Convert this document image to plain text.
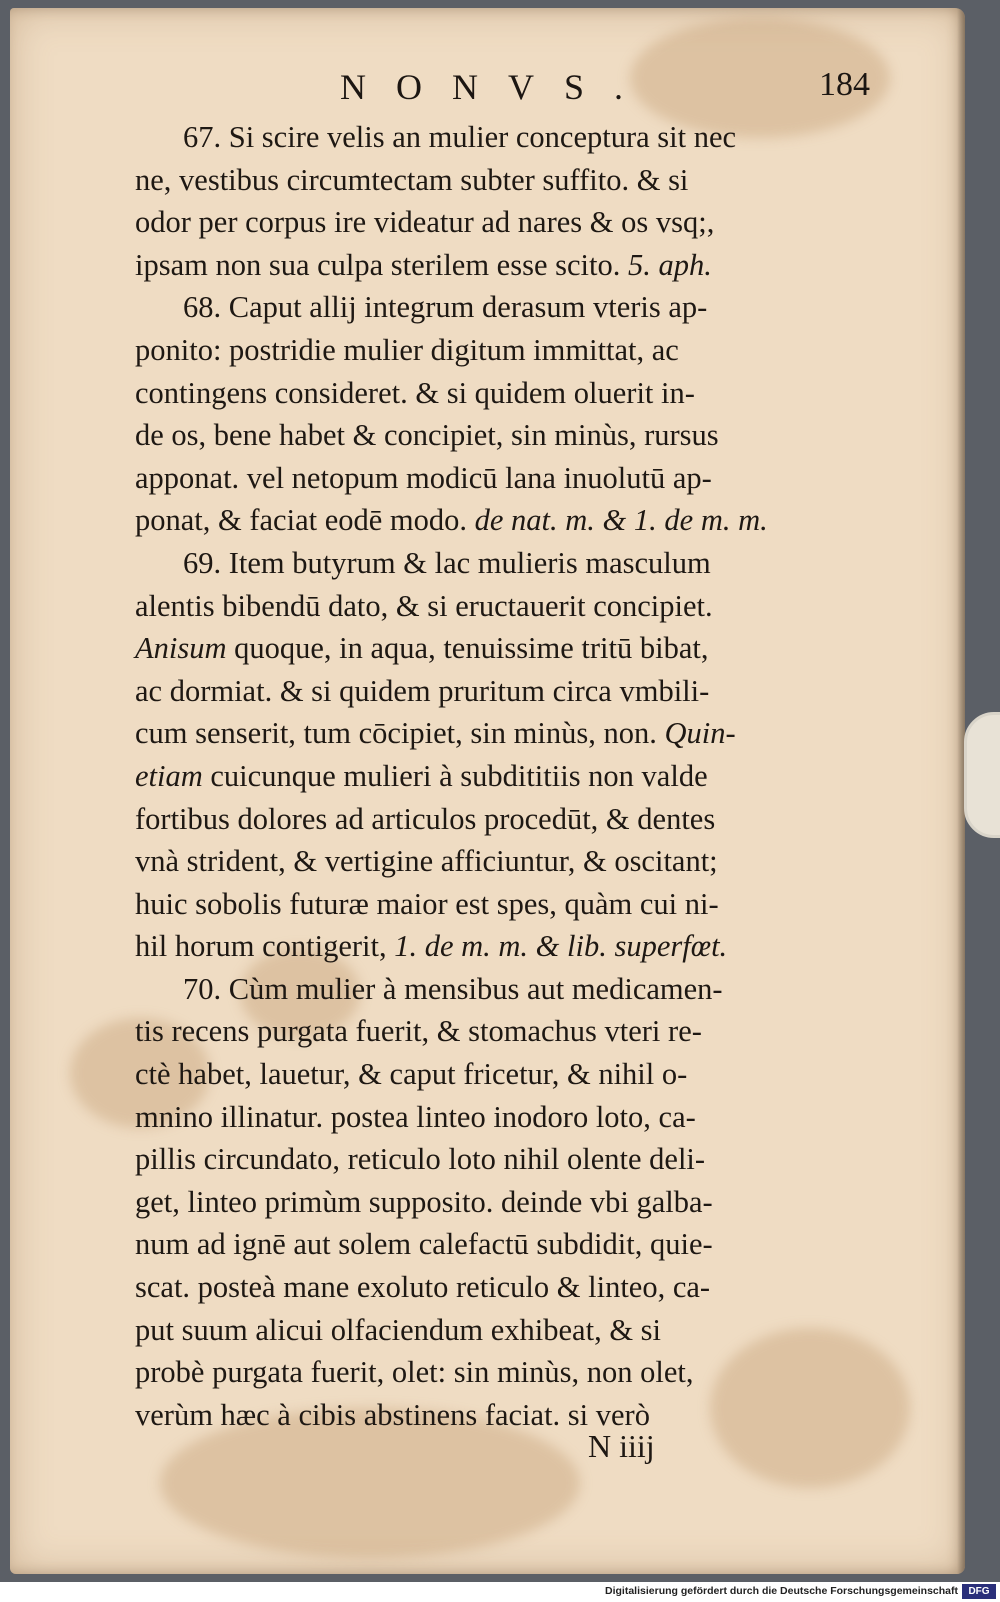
NONVS.	184
67. Si scire velis an mulier conceptura sit nec
ne, vestibus circumtectam subter suffito. & si
odor per corpus ire videatur ad nares & os vsq;,
ipsam non sua culpa sterilem esse scito. 5. aph.
68. Caput allij integrum derasum vteris ap-
ponito: postridie mulier digitum immittat, ac
contingens consideret. & si quidem oluerit in-
de os, bene habet & concipiet, sin minùs, rursus
apponat. vel netopum modicū lana inuolutū ap-
ponat, & faciat eodē modo. de nat. m. & 1. de m. m.
69. Item butyrum & lac mulieris masculum
alentis bibendū dato, & si eructauerit concipiet.
Anisum quoque, in aqua, tenuissime tritū bibat,
ac dormiat. & si quidem pruritum circa vmbili-
cum senserit, tum cōcipiet, sin minùs, non. Quin-
etiam cuicunque mulieri à subdititiis non valde
fortibus dolores ad articulos procedūt, & dentes
vnà strident, & vertigine afficiuntur, & oscitant;
huic sobolis futuræ maior est spes, quàm cui ni-
hil horum contigerit, 1. de m. m. & lib. superfœt.
70. Cùm mulier à mensibus aut medicamen-
tis recens purgata fuerit, & stomachus vteri re-
ctè habet, lauetur, & caput fricetur, & nihil o-
mnino illinatur. postea linteo inodoro loto, ca-
pillis circundato, reticulo loto nihil olente deli-
get, linteo primùm supposito. deinde vbi galba-
num ad ignē aut solem calefactū subdidit, quie-
scat. posteà mane exoluto reticulo & linteo, ca-
put suum alicui olfaciendum exhibeat, & si
probè purgata fuerit, olet: sin minùs, non olet,
verùm hæc à cibis abstinens faciat. si verò
N iiij
Digitalisierung gefördert durch die Deutsche Forschungsgemeinschaft	DFG
